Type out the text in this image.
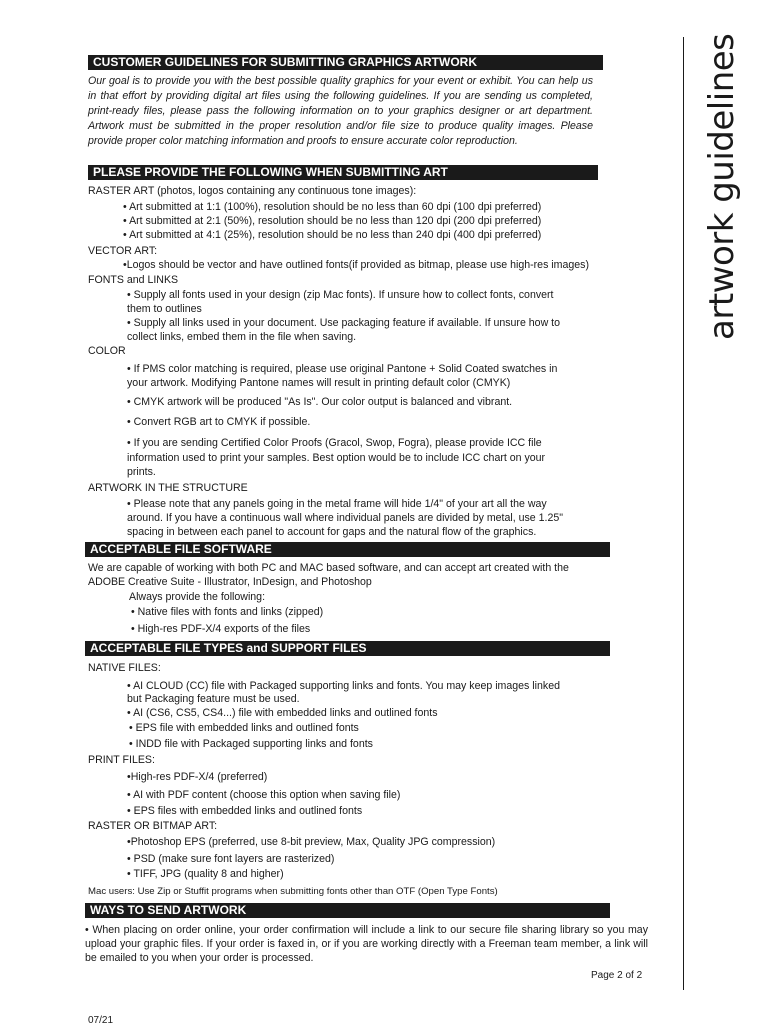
artwork guidelines
CUSTOMER GUIDELINES FOR SUBMITTING GRAPHICS ARTWORK
Our goal is to provide you with the best possible quality graphics for your event or exhibit. You can help us in that effort by providing digital art files using the following guidelines. If you are sending us completed, print-ready files, please pass the following information on to your graphics designer or art department. Artwork must be submitted in the proper resolution and/or file size to produce quality images. Please provide proper color matching information and proofs to ensure accurate color reproduction.
PLEASE PROVIDE THE FOLLOWING WHEN SUBMITTING ART
RASTER ART (photos, logos containing any continuous tone images):
• Art submitted at 1:1 (100%), resolution should be no less than 60 dpi (100 dpi preferred)
• Art submitted at 2:1 (50%), resolution should be no less than 120 dpi (200 dpi preferred)
• Art submitted at 4:1 (25%), resolution should be no less than 240 dpi (400 dpi preferred)
VECTOR ART:
•Logos should be vector and have outlined fonts(if provided as bitmap, please use high-res images)
FONTS and LINKS
• Supply all fonts used in your design (zip Mac fonts). If unsure how to collect fonts, convert
them to outlines
• Supply all links used in your document. Use packaging feature if available. If unsure how to
collect links, embed them in the file when saving.
COLOR
• If PMS color matching is required, please use original Pantone + Solid Coated swatches in
your artwork. Modifying Pantone names will result in printing default color (CMYK)
• CMYK artwork will be produced "As Is". Our color output is balanced and vibrant.
• Convert RGB art to CMYK if possible.
• If you are sending Certified Color Proofs (Gracol, Swop, Fogra), please provide ICC file
information used to print your samples. Best option would be to include ICC chart on your
prints.
ARTWORK IN THE STRUCTURE
• Please note that any panels going in the metal frame will hide 1/4" of your art all the way
around. If you have a continuous wall where individual panels are divided by metal, use 1.25"
spacing in between each panel to account for gaps and the natural flow of the graphics.
ACCEPTABLE FILE SOFTWARE
We are capable of working with both PC and MAC based software, and can accept art created with the
ADOBE Creative Suite - Illustrator, InDesign, and Photoshop
Always provide the following:
• Native files with fonts and links (zipped)
• High-res PDF-X/4 exports of the files
ACCEPTABLE FILE TYPES and SUPPORT FILES
NATIVE FILES:
• AI CLOUD (CC) file with Packaged supporting links and fonts. You may keep images linked
but Packaging feature must be used.
• AI (CS6, CS5, CS4...) file with embedded links and outlined fonts
• EPS file with embedded links and outlined fonts
• INDD file with Packaged supporting links and fonts
PRINT FILES:
•High-res PDF-X/4 (preferred)
• AI with PDF content (choose this option when saving file)
• EPS files with embedded links and outlined fonts
RASTER OR BITMAP ART:
•Photoshop EPS (preferred, use 8-bit preview, Max, Quality JPG compression)
• PSD (make sure font layers are rasterized)
• TIFF, JPG (quality 8 and higher)
Mac users: Use Zip or Stuffit programs when submitting fonts other than OTF (Open Type Fonts)
WAYS TO SEND ARTWORK
• When placing on order online, your order confirmation will include a link to our secure file sharing library so you may upload your graphic files. If your order is faxed in, or if you are working directly with a Freeman team member, a link will be emailed to you when your order is processed.
Page 2 of 2
07/21
